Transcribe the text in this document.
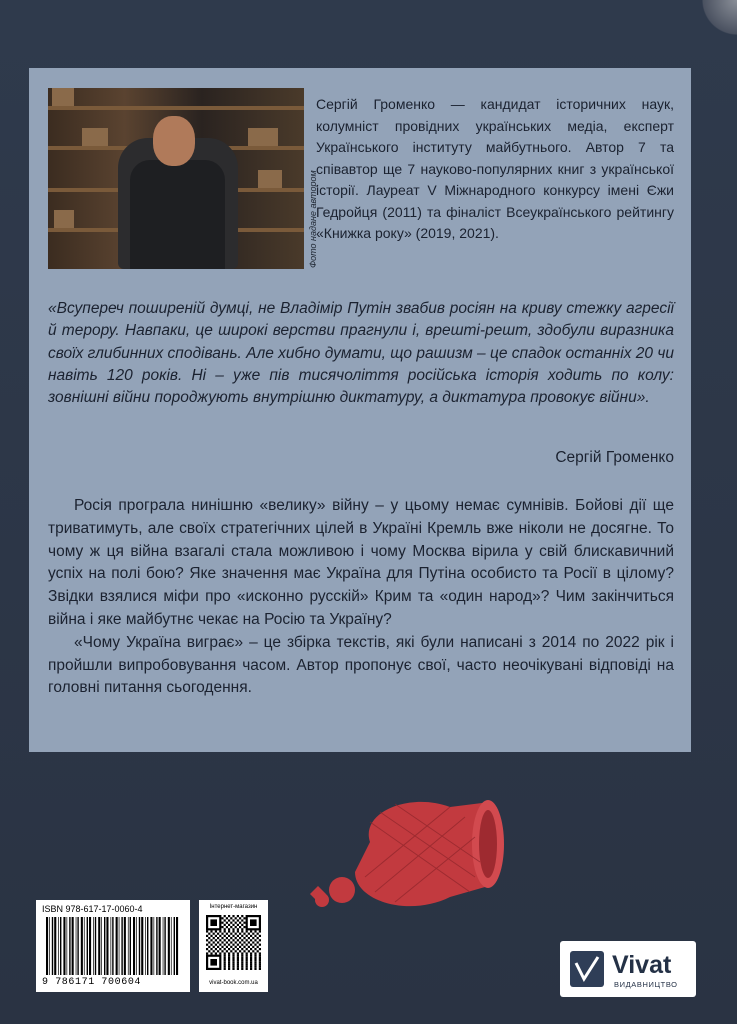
Фото надане автором
Сергій Громенко — кандидат історичних наук, колумніст провідних українських медіа, експерт Українського інституту майбутнього. Автор 7 та співавтор ще 7 науково-популярних книг з української історії. Лауреат V Міжнародного конкурсу імені Єжи Гедройця (2011) та фіналіст Всеукраїнського рейтингу «Книжка року» (2019, 2021).
«Всупереч поширеній думці, не Владімір Путін звабив росіян на криву стежку агресії й терору. Навпаки, це широкі верстви прагнули і, врешті-решт, здобули виразника своїх глибинних сподівань. Але хибно думати, що рашизм – це спадок останніх 20 чи навіть 120 років. Ні – уже пів тисячоліття російська історія ходить по колу: зовнішні війни породжують внутрішню диктатуру, а диктатура провокує війни».
Сергій Громенко

Росія програла нинішню «велику» війну – у цьому немає сумнівів. Бойові дії ще триватимуть, але своїх стратегічних цілей в Україні Кремль вже ніколи не досягне. То чому ж ця війна взагалі стала можливою і чому Москва вірила у свій блискавичний успіх на полі бою? Яке значення має Україна для Путіна особисто та Росії в цілому? Звідки взялися міфи про «исконно русскій» Крим та «один народ»? Чим закінчиться війна і яке майбутнє чекає на Росію та Україну?

«Чому Україна виграє» – це збірка текстів, які були написані з 2014 по 2022 рік і пройшли випробовування часом. Автор пропонує свої, часто неочікувані відповіді на головні питання сьогодення.

ISBN 978-617-17-0060-4
9 786171 700604
Інтернет-магазин
vivat-book.com.ua
Vivat
ВИДАВНИЦТВО
